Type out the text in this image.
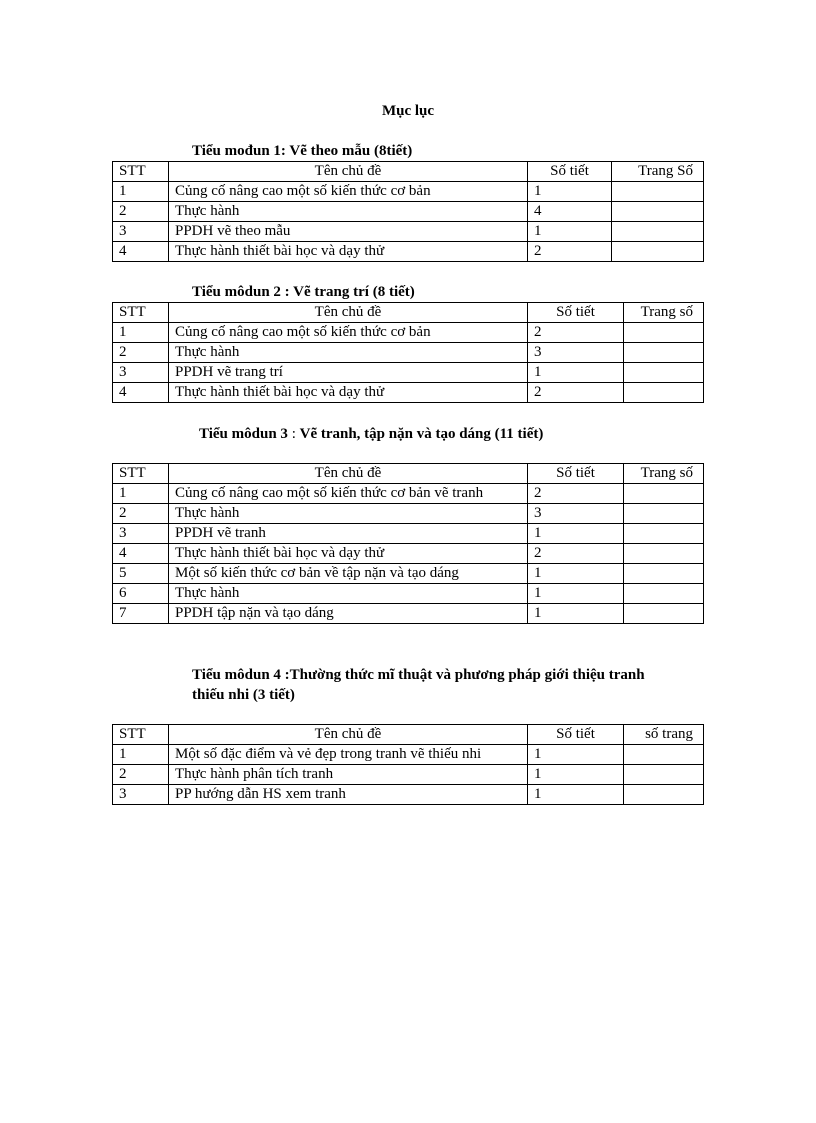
Mục lục
Tiểu mođun 1: Vẽ theo mẫu (8tiết)
STT	Tên chủ đề	Số tiết	Trang Số
1	Củng cố nâng cao một số kiến thức cơ bản	1	
2	Thực hành	4	
3	PPDH vẽ theo mẫu	1	
4	Thực hành thiết bài học và dạy thử	2	
Tiểu môdun 2 : Vẽ trang trí (8 tiết)
STT	Tên chủ đề	Số tiết	Trang số
1	Củng cố nâng cao một số kiến thức cơ bản	2	
2	Thực hành	3	
3	PPDH vẽ trang trí	1	
4	Thực hành thiết bài học và dạy thử	2	
Tiểu môdun 3 : Vẽ tranh, tập nặn và tạo dáng (11 tiết)
STT	Tên chủ đề	Số tiết	Trang số
1	Củng cố nâng cao một số kiến thức cơ bản vẽ tranh	2	
2	Thực hành	3	
3	PPDH vẽ tranh	1	
4	Thực hành thiết bài học và dạy thử	2	
5	Một số kiến thức cơ bản về tập nặn và tạo dáng	1	
6	Thực hành	1	
7	PPDH tập nặn và tạo dáng	1	
Tiểu môdun 4 :Thường thức mĩ thuật và phương pháp giới thiệu tranh
thiếu nhi (3 tiết)
STT	Tên chủ đề	Số tiết	số trang
1	Một số đặc điểm và vẻ đẹp trong tranh vẽ thiếu nhi	1	
2	Thực hành phân tích tranh	1	
3	PP hướng dẫn HS xem tranh	1	
